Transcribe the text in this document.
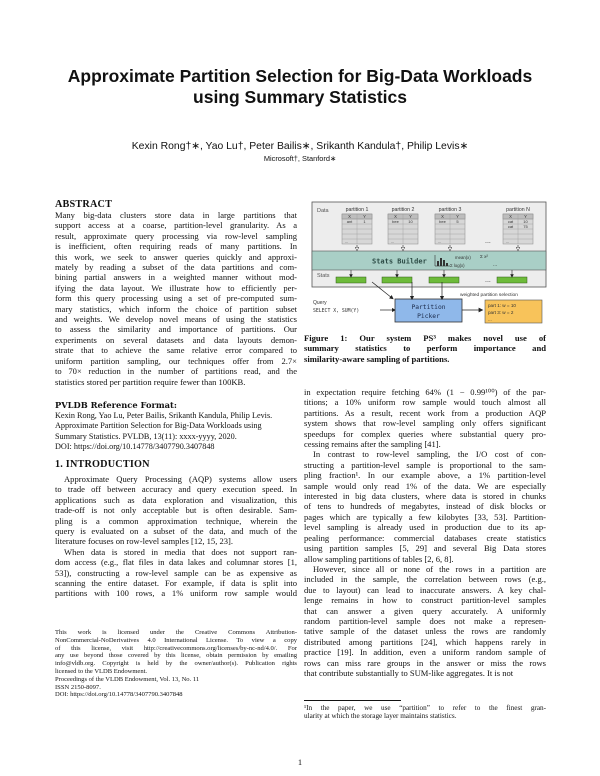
Approximate Partition Selection for Big-Data Workloads
using Summary Statistics
Kexin Rong†∗, Yao Lu†, Peter Bailis∗, Srikanth Kandula†, Philip Levis∗
Microsoft†, Stanford∗
ABSTRACT
Many big-data clusters store data in large partitions that
support access at a coarse, partition-level granularity. As a
result, approximate query processing via row-level sampling
is inefficient, often requiring reads of many partitions. In
this work, we seek to answer queries quickly and approxi-
mately by reading a subset of the data partitions and com-
bining partial answers in a weighted manner without mod-
ifying the data layout. We illustrate how to efficiently per-
form this query processing using a set of pre-computed sum-
mary statistics, which inform the choice of partition subset
and weights. We develop novel means of using the statistics
to assess the similarity and importance of partitions. Our
experiments on several datasets and data layouts demon-
strate that to achieve the same relative error compared to
uniform partition sampling, our techniques offer from 2.7×
to 70× reduction in the number of partitions read, and the
statistics stored per partition require fewer than 100KB.
PVLDB Reference Format:
Kexin Rong, Yao Lu, Peter Bailis, Srikanth Kandula, Philip Levis.
Approximate Partition Selection for Big-Data Workloads using
Summary Statistics. PVLDB, 13(11): xxxx-yyyy, 2020.
DOI: https://doi.org/10.14778/3407790.3407848
1. INTRODUCTION
Approximate Query Processing (AQP) systems allow users
to trade off between accuracy and query execution speed. In
applications such as data exploration and visualization, this
trade-off is not only acceptable but is often desirable. Sam-
pling is a common approximation technique, wherein the
query is evaluated on a subset of the data, and much of the
literature focuses on row-level samples [12, 15, 23].
When data is stored in media that does not support ran-
dom access (e.g., flat files in data lakes and columnar stores [1,
53]), constructing a row-level sample can be as expensive as
scanning the entire dataset. For example, if data is split into
partitions with 100 rows, a 1% uniform row sample would
This work is licensed under the Creative Commons Attribution-
NonCommercial-NoDerivatives 4.0 International License. To view a copy
of this license, visit http://creativecommons.org/licenses/by-nc-nd/4.0/. For
any use beyond those covered by this license, obtain permission by emailing
info@vldb.org. Copyright is held by the owner/author(s). Publication rights
licensed to the VLDB Endowment.
Proceedings of the VLDB Endowment, Vol. 13, No. 11
ISSN 2150-8097.
DOI: https://doi.org/10.14778/3407790.3407848
Data	partition 1
X	Y
ant	1
...
partition 2
X	Y
bee 10
...
partition 3
X	Y
bee	5
...
partition N
X	Y
cat	10
cat	75
...
...
Stats Builder	mean(x) Σ x²
Σ log(x)	...
Stats
...
Query
SELECT X, SUM(Y)
Partition
Picker
weighted partition selection
part 1: w = 10
part 3: w = 2
...
Figure 1: Our system PS³ makes novel use of
summary statistics to perform importance and
similarity-aware sampling of partitions.
in expectation require fetching 64% (1 − 0.99¹⁰⁰) of the par-
titions; a 10% uniform row sample would touch almost all
partitions. As a result, recent work from a production AQP
system shows that row-level sampling only offers significant
speedups for complex queries where substantial query pro-
cessing remains after the sampling [41].
In contrast to row-level sampling, the I/O cost of con-
structing a partition-level sample is proportional to the sam-
pling fraction¹. In our example above, a 1% partition-level
sample would only read 1% of the data. We are especially
interested in big data clusters, where data is stored in chunks
of tens to hundreds of megabytes, instead of disk blocks or
pages which are typically a few kilobytes [33, 53]. Partition-
level sampling is already used in production due to its ap-
pealing performance: commercial databases create statistics
using partition samples [5, 29] and several Big Data stores
allow sampling partitions of tables [2, 6, 8].
However, since all or none of the rows in a partition are
included in the sample, the correlation between rows (e.g.,
due to layout) can lead to inaccurate answers. A key chal-
lenge remains in how to construct partition-level samples
that can answer a given query accurately. A uniformly
random partition-level sample does not make a represen-
tative sample of the dataset unless the rows are randomly
distributed among partitions [24], which happens rarely in
practice [19]. In addition, even a uniform random sample of
rows can miss rare groups in the answer or miss the rows
that contribute substantially to SUM-like aggregates. It is not
¹In the paper, we use “partition” to refer to the finest gran-
ularity at which the storage layer maintains statistics.
1
